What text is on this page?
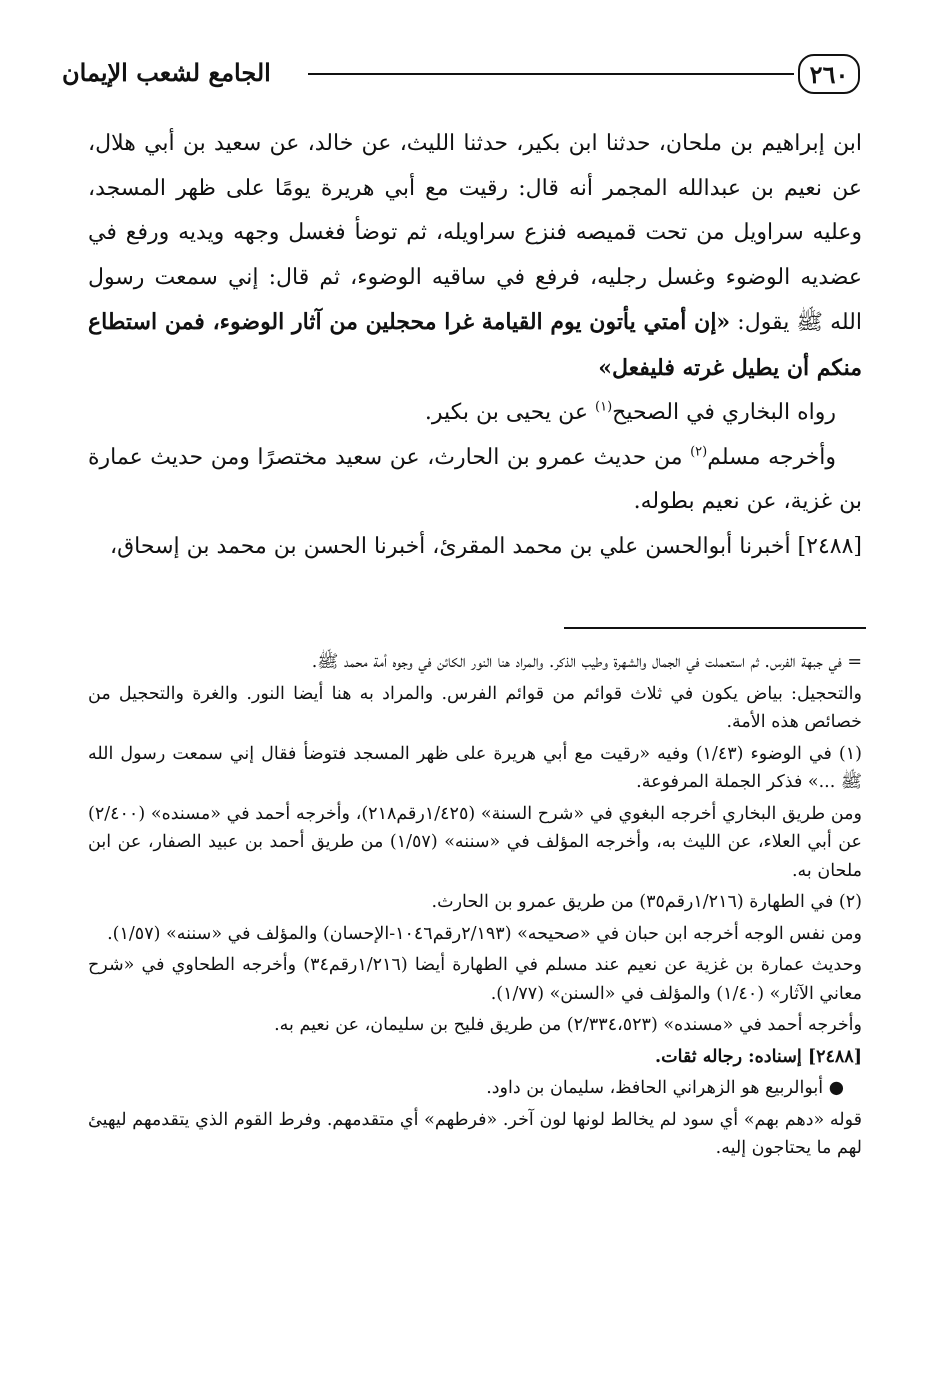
٢٦٠
الجامع لشعب الإيمان

ابن إبراهيم بن ملحان، حدثنا ابن بكير، حدثنا الليث، عن خالد، عن سعيد بن أبي هلال، عن نعيم بن عبدالله المجمر أنه قال: رقيت مع أبي هريرة يومًا على ظهر المسجد، وعليه سراويل من تحت قميصه فنزع سراويله، ثم توضأ فغسل وجهه ويديه ورفع في عضديه الوضوء وغسل رجليه، فرفع في ساقيه الوضوء، ثم قال: إني سمعت رسول الله ﷺ يقول: «إن أمتي يأتون يوم القيامة غرا محجلين من آثار الوضوء، فمن استطاع منكم أن يطيل غرته فليفعل»

رواه البخاري في الصحيح$^{(١)}$ عن يحيى بن بكير.

وأخرجه مسلم$^{(٢)}$ من حديث عمرو بن الحارث، عن سعيد مختصرًا ومن حديث عمارة بن غزية، عن نعيم بطوله.

[٢٤٨٨] أخبرنا أبوالحسن علي بن محمد المقرئ، أخبرنا الحسن بن محمد بن إسحاق،

= في جبهة الفرس. ثم استعملت في الجمال والشهرة وطيب الذكر. والمراد هنا النور الكائن في وجوه أمة محمد ﷺ.

والتحجيل: بياض يكون في ثلاث قوائم من قوائم الفرس. والمراد به هنا أيضا النور. والغرة والتحجيل من خصائص هذه الأمة.

(١) في الوضوء (١/٤٣) وفيه «رقيت مع أبي هريرة على ظهر المسجد فتوضأ فقال إني سمعت رسول الله ﷺ ...» فذكر الجملة المرفوعة.

ومن طريق البخاري أخرجه البغوي في «شرح السنة» (١/٤٢٥رقم٢١٨)، وأخرجه أحمد في «مسنده» (٢/٤٠٠) عن أبي العلاء، عن الليث به، وأخرجه المؤلف في «سننه» (١/٥٧) من طريق أحمد بن عبيد الصفار، عن ابن ملحان به.

(٢) في الطهارة (١/٢١٦رقم٣٥) من طريق عمرو بن الحارث.

ومن نفس الوجه أخرجه ابن حبان في «صحيحه» (٢/١٩٣رقم١٠٤٦-الإحسان) والمؤلف في «سننه» (١/٥٧).

وحديث عمارة بن غزية عن نعيم عند مسلم في الطهارة أيضا (١/٢١٦رقم٣٤) وأخرجه الطحاوي في «شرح معاني الآثار» (١/٤٠) والمؤلف في «السنن» (١/٧٧).

وأخرجه أحمد في «مسنده» (٢/٣٣٤،٥٢٣) من طريق فليح بن سليمان، عن نعيم به.

[٢٤٨٨] إسناده: رجاله ثقات.

● أبوالربيع هو الزهراني الحافظ، سليمان بن داود.

قوله «دهم بهم» أي سود لم يخالط لونها لون آخر. «فرطهم» أي متقدمهم. وفرط القوم الذي يتقدمهم ليهيئ لهم ما يحتاجون إليه.
